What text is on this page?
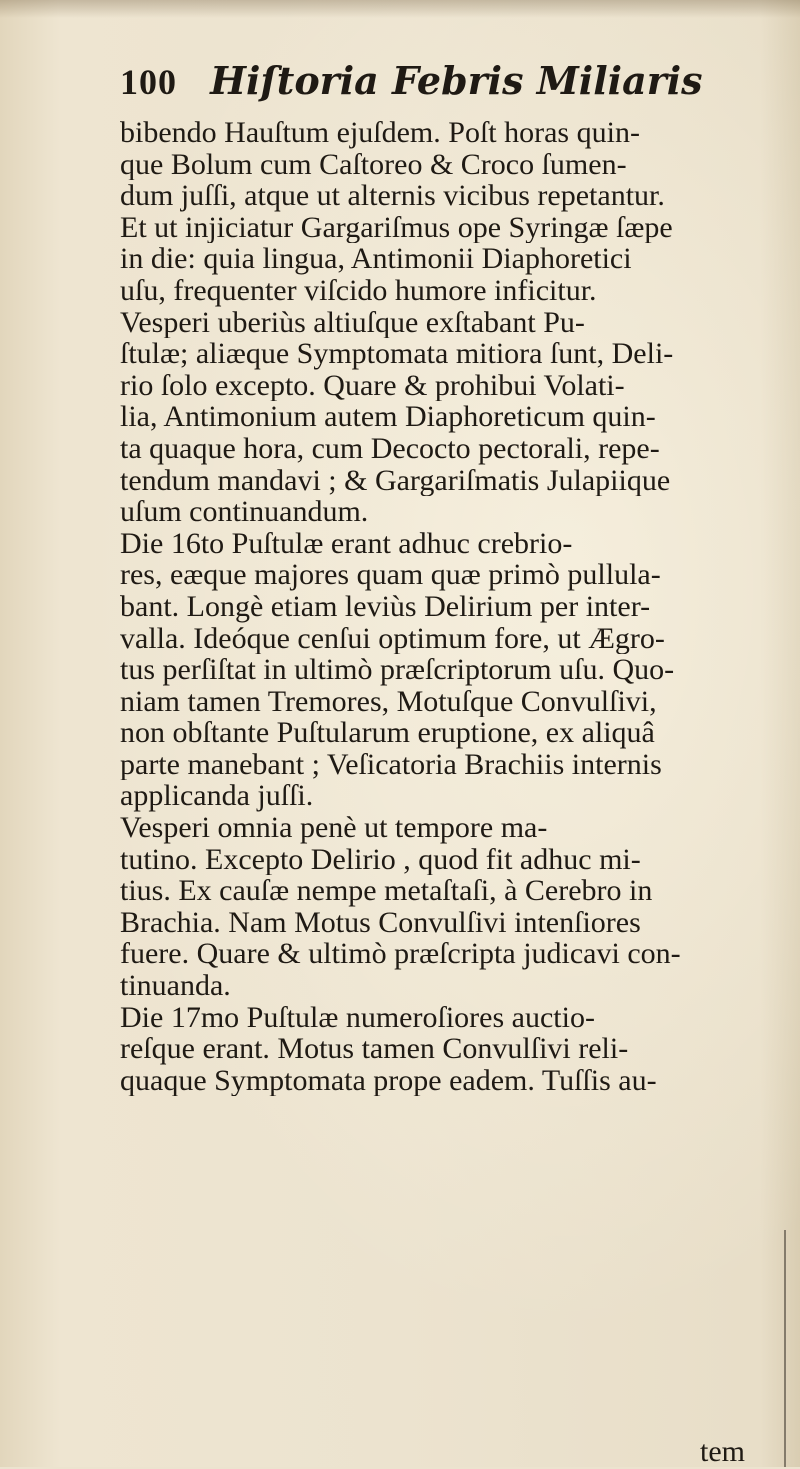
100 Hiſtoria Febris Miliaris
bibendo Hauſtum ejuſdem. Poſt horas quin-
que Bolum cum Caſtoreo & Croco ſumen-
dum juſſi, atque ut alternis vicibus repetantur.
Et ut injiciatur Gargariſmus ope Syringæ ſæpe
in die: quia lingua, Antimonii Diaphoretici
uſu, frequenter viſcido humore inficitur.
Vesperi uberiùs altiuſque exſtabant Pu-
ſtulæ; aliæque Symptomata mitiora ſunt, Deli-
rio ſolo excepto. Quare & prohibui Volati-
lia, Antimonium autem Diaphoreticum quin-
ta quaque hora, cum Decocto pectorali, repe-
tendum mandavi ; & Gargariſmatis Julapiique
uſum continuandum.
Die 16to Puſtulæ erant adhuc crebrio-
res, eæque majores quam quæ primò pullula-
bant. Longè etiam leviùs Delirium per inter-
valla. Ideóque cenſui optimum fore, ut Ægro-
tus perſiſtat in ultimò præſcriptorum uſu. Quo-
niam tamen Tremores, Motuſque Convulſivi,
non obſtante Puſtularum eruptione, ex aliquâ
parte manebant ; Veſicatoria Brachiis internis
applicanda juſſi.
Vesperi omnia penè ut tempore ma-
tutino. Excepto Delirio , quod fit adhuc mi-
tius. Ex cauſæ nempe metaſtaſi, à Cerebro in
Brachia. Nam Motus Convulſivi intenſiores
fuere. Quare & ultimò præſcripta judicavi con-
tinuanda.
Die 17mo Puſtulæ numeroſiores auctio-
reſque erant. Motus tamen Convulſivi reli-
quaque Symptomata prope eadem. Tuſſis au-
tem
